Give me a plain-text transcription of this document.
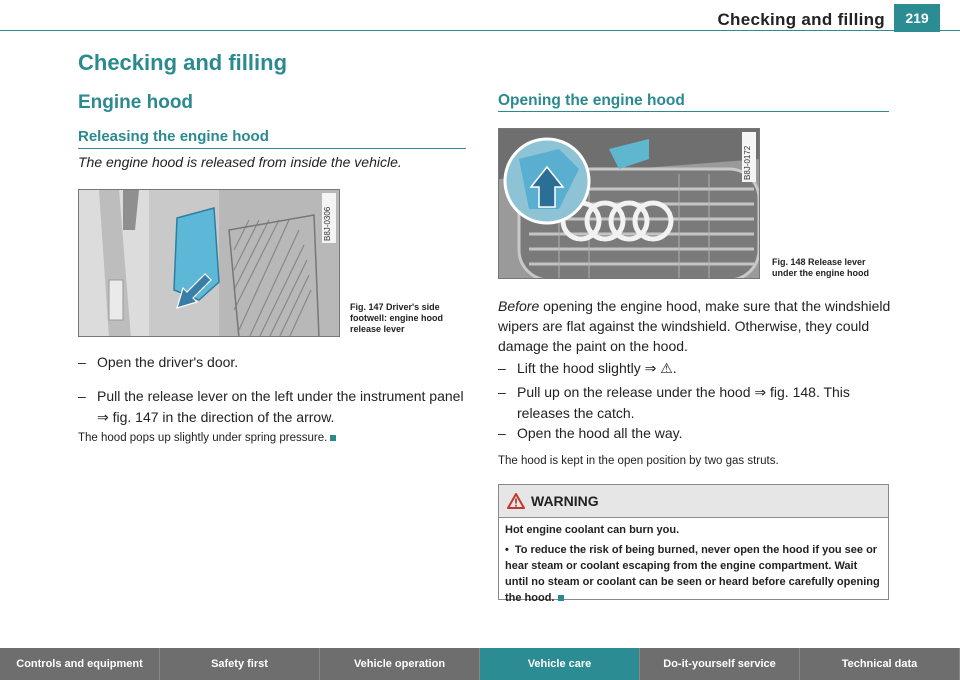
Checking and filling	219
Checking and filling
Engine hood
Releasing the engine hood
Opening the engine hood
The engine hood is released from inside the vehicle.
B8J-0306
Fig. 147 Driver's side
footwell: engine hood
release lever
– Open the driver's door.
– Pull the release lever on the left under the instrument panel ⇒ fig. 147 in the direction of the arrow.
The hood pops up slightly under spring pressure.
B8J-0172
Fig. 148 Release lever
under the engine hood
Before opening the engine hood, make sure that the windshield wipers are flat against the windshield. Otherwise, they could damage the paint on the hood.
– Lift the hood slightly ⇒ ⚠.
– Pull up on the release under the hood ⇒ fig. 148. This releases the catch.
– Open the hood all the way.
The hood is kept in the open position by two gas struts.
WARNING

Hot engine coolant can burn you.

• To reduce the risk of being burned, never open the hood if you see or hear steam or coolant escaping from the engine compartment. Wait until no steam or coolant can be seen or heard before carefully opening the hood.

Controls and equipment	Safety first	Vehicle operation	Vehicle care	Do-it-yourself service	Technical data
